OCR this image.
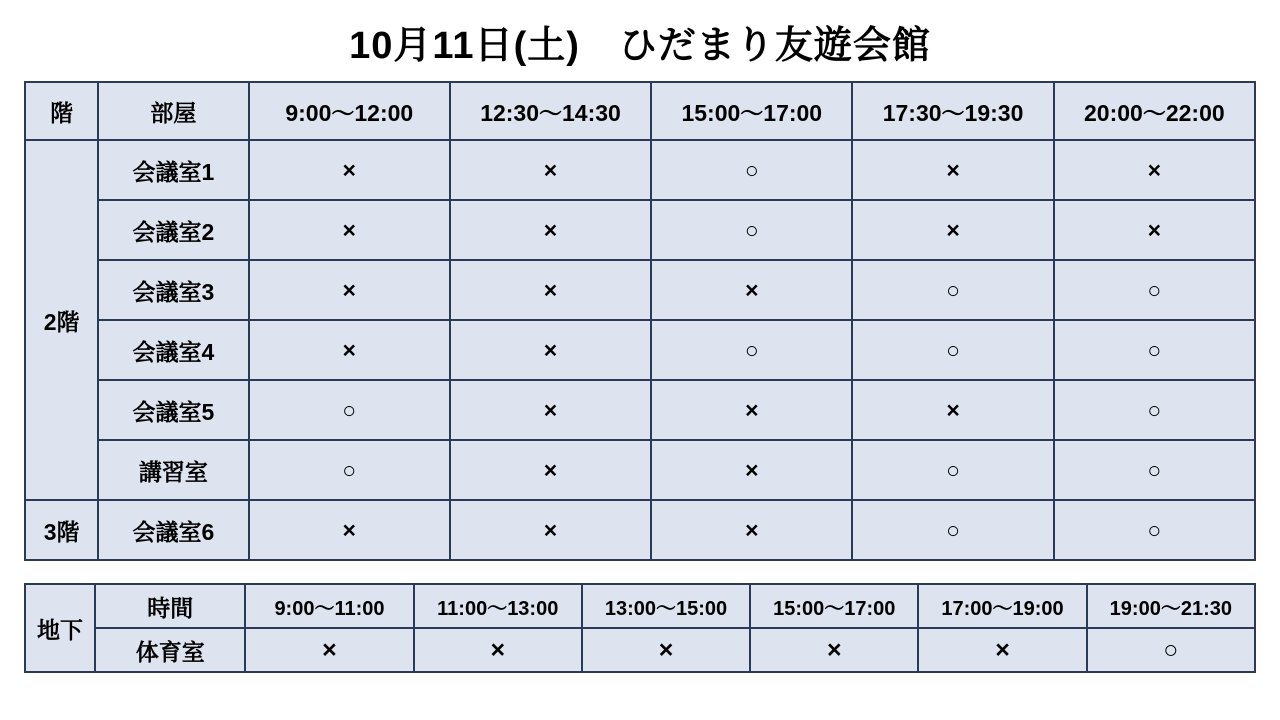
10月11日(土)　ひだまり友遊会館
階	部屋	9:00〜12:00	12:30〜14:30	15:00〜17:00	17:30〜19:30	20:00〜22:00
2階	会議室1	×	×	○	×	×
	会議室2	×	×	○	×	×
	会議室3	×	×	×	○	○
	会議室4	×	×	○	○	○
	会議室5	○	×	×	×	○
	講習室	○	×	×	○	○
3階	会議室6	×	×	×	○	○
地下	時間	9:00〜11:00	11:00〜13:00	13:00〜15:00	15:00〜17:00	17:00〜19:00	19:00〜21:30
	体育室	×	×	×	×	×	○
